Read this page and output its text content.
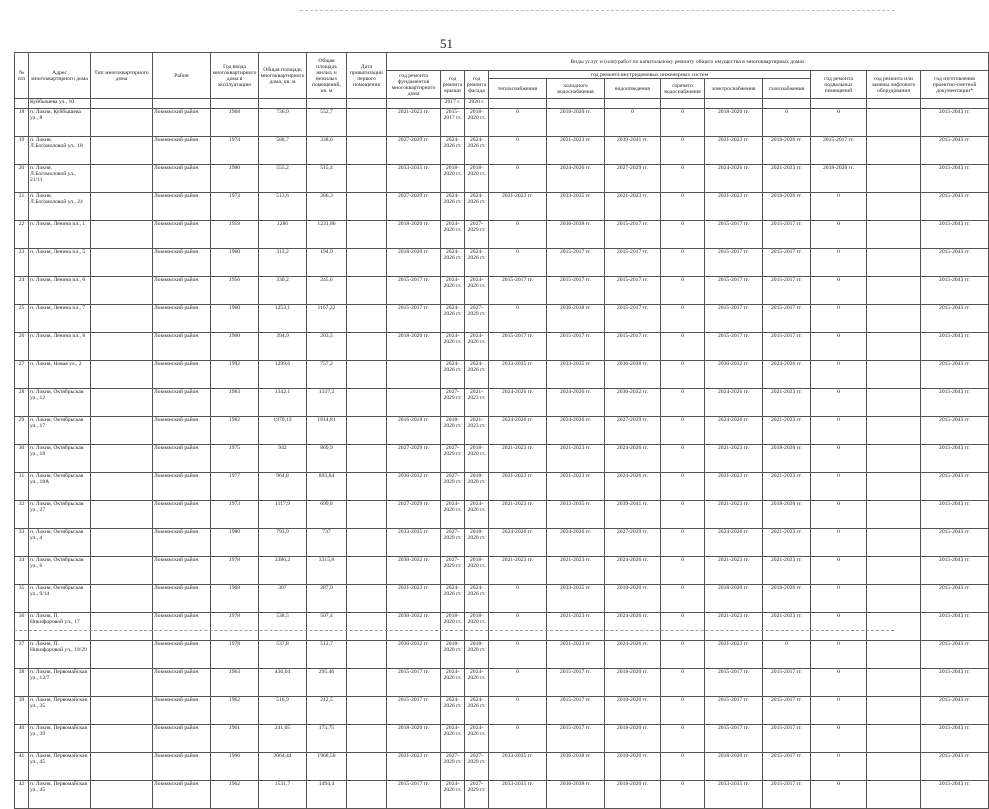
51
№ п/п	Адрес многоквартирного дома	Тип многоквартирного дома	Район	Год ввода многоквартирного дома в эксплуатацию	Общая площадь многоквартирного дома, кв. м	Общая площадь жилых и нежилых помещений, кв. м	Дата приватизации первого помещения	Виды услуг и (или) работ по капитальному ремонту общего имущества в многоквартирных домах											
								год ремонта фундаментов многоквартирного дома	год ремонта крыши	год ремонта фасада	год ремонта внутридомовых инженерных систем						год ремонта подвальных помещений	год ремонта или замены лифтового оборудования	год изготовления проектно-сметной документации*
											теплоснабжения	холодного водоснабжения	водоотведения	горячего водоснабжения	электроснабжения	газоснабжения			
	Куйбышева ул., 10								2017 г.	2020 г.									
18	п. Локня, Куйбышева ул., 8		Локнянский район	1968	736,9	552,7		2021-2023 гг.	2015-2017 гг.	2018-2020 гг.	0	2018-2020 гг.	0	0	2018-2020 гг.	0	0		2015-2043 гг.
19	п. Локня, Л.Богомоловой ул., 18		Локнянский район	1974	588,7	338,6		2027-2029 гг.	2024-2026 гг.	2024-2026 гг.	0	2021-2023 гг.	2039-2041 гг.	0	2021-2023 гг.	2018-2020 гг.	2015-2017 гг.		2015-2043 гг.
20	п. Локня, Л.Богомоловой ул., 21/11		Локнянский район	1980	555,2	515,4		2033-2035 гг.	2018-2020 гг.	2018-2020 гг.	0	2024-2026 гг.	2027-2029 гг.	0	2024-2026 гг.	2021-2023 гг.	2018-2020 гг.		2015-2043 гг.
21	п. Локня, Л.Богомоловой ул., 24		Локнянский район	1973	513,6	286,3		2027-2029 гг.	2024-2026 гг.	2024-2026 гг.	2021-2023 гг.	2033-2035 гг.	2021-2023 гг.	0	2021-2023 гг.	2018-2020 гг.	0		2015-2043 гг.
22	п. Локня, Ленина пл., 1		Локнянский район	1959	1286	1231,86		2018-2020 гг.	2024-2026 гг.	2027-2029 гг.	0	2036-2038 гг.	2015-2017 гг.	0	2015-2017 гг.	2015-2017 гг.	0		2015-2043 гг.
23	п. Локня, Ленина пл., 5		Локнянский район	1960	313,2	194,9		2018-2020 гг.	2024-2026 гг.	2024-2026 гг.	0	2015-2017 гг.	2015-2017 гг.	0	2015-2017 гг.	2015-2017 гг.	0		2015-2043 гг.
24	п. Локня, Ленина пл., 6		Локнянский район	1956	330,2	245,6		2015-2017 гг.	2024-2026 гг.	2024-2026 гг.	2015-2017 гг.	2015-2017 гг.	2015-2017 гг.	0	2015-2017 гг.	2015-2017 гг.	0		2015-2043 гг.
25	п. Локня, Ленина пл., 7		Локнянский район	1960	1253,1	1167,22		2015-2017 гг.	2024-2026 гг.	2027-2029 гг.	0	2036-2038 гг.	2015-2017 гг.	0	2015-2017 гг.	2015-2017 гг.	0		2015-2043 гг.
26	п. Локня, Ленина пл., 8		Локнянский район	1960	394,9	203,5		2018-2020 гг.	2024-2026 гг.	2024-2026 гг.	2015-2017 гг.	2015-2017 гг.	2015-2017 гг.	0	2015-2017 гг.	2015-2017 гг.	0		2015-2043 гг.
27	п. Локня, Новая ул., 2		Локнянский район	1992	1299,6	757,2			2024-2026 гг.	2024-2026 гг.	2033-2035 гг.	2033-2035 гг.	2036-2038 гг.	0	2030-2032 гг.	2024-2026 гг.	0		2015-2043 гг.
28	п. Локня, Октябрьская ул., 12		Локнянский район	1983	1342,1	1337,2			2027-2029 гг.	2021-2023 гг.	2024-2026 гг.	2024-2026 гг.	2030-2032 гг.	0	2024-2026 гг.	2021-2023 гг.	0		2015-2043 гг.
29	п. Локня, Октябрьская ул., 17		Локнянский район	1982	1970,13	1814,81		2016-2018 гг.	2018-2020 гг.	2021-2023 гг.	2024-2026 гг.	2024-2026 гг.	2027-2029 гг.	0	2024-2026 гг.	2021-2023 гг.	0		2015-2043 гг.
30	п. Локня, Октябрьская ул., 18		Локнянский район	1975	942	869,9		2027-2029 гг.	2027-2029 гг.	2018-2020 гг.	2021-2023 гг.	2021-2023 гг.	2024-2026 гг.	0	2021-2023 гг.	2018-2020 гг.	0		2015-2043 гг.
31	п. Локня, Октябрьская ул., 18А		Локнянский район	1977	964,8	893,84		2030-2032 гг.	2027-2029 гг.	2018-2020 гг.	2021-2023 гг.	2021-2023 гг.	2024-2026 гг.	0	2021-2023 гг.	2021-2023 гг.	0		2015-2043 гг.
32	п. Локня, Октябрьская ул., 27		Локнянский район	1973	1117,9	699,8		2027-2029 гг.	2024-2026 гг.	2024-2026 гг.	2021-2023 гг.	2033-2035 гг.	2039-2041 гг.	0	2021-2023 гг.	2018-2020 гг.	0		2015-2043 гг.
33	п. Локня, Октябрьская ул., 4		Локнянский район	1980	793,9	737		2033-2035 гг.	2027-2029 гг.	2018-2020 гг.	2024-2026 гг.	2024-2026 гг.	2027-2029 гг.	0	2024-2026 гг.	2021-2023 гг.	0		2015-2043 гг.
34	п. Локня, Октябрьская ул., 6		Локнянский район	1978	3386,2	3315,8		2030-2032 гг.	2027-2029 гг.	2018-2020 гг.	2021-2023 гг.	2021-2023 гг.	2024-2026 гг.	0	2021-2023 гг.	2021-2023 гг.	0		2015-2043 гг.
35	п. Локня, Октябрьская ул., 9/14		Локнянский район	1968	307	287,9		2021-2023 гг.	2024-2026 гг.	2024-2026 гг.	0	2033-2035 гг.	2018-2020 гг.	0	2018-2020 гг.	2018-2020 гг.	0		2015-2043 гг.
36	п. Локня, П. Никифоровой ул., 17		Локнянский район	1978	538,5	507,4		2030-2032 гг.	2018-2020 гг.	2018-2020 гг.	0	2021-2023 гг.	2024-2026 гг.	0	2021-2023 гг.	2021-2023 гг.	0		2015-2043 гг.
37	п. Локня, П. Никифоровой ул., 19/29		Локнянский район	1978	537,8	512,7		2030-2032 гг.	2018-2020 гг.	2018-2020 гг.	0	2021-2023 гг.	2024-2026 гг.	0	2021-2023 гг.	0	0		2015-2043 гг.
38	п. Локня, Первомайская ул., 13/7		Локнянский район	1963	436,04	295,46		2015-2017 гг.	2024-2026 гг.	2024-2026 гг.	0	2015-2017 гг.	2018-2020 гг.	0	2015-2017 гг.	2015-2017 гг.	0		2015-2043 гг.
39	п. Локня, Первомайская ул., 35		Локнянский район	1962	516,9	212,5		2015-2017 гг.	2024-2026 гг.	2024-2026 гг.	0	2015-2017 гг.	2018-2020 гг.	0	2015-2017 гг.	2015-2017 гг.	0		2015-2043 гг.
40	п. Локня, Первомайская ул., 39		Локнянский район	1961	241,05	173,75		2018-2020 гг.	2024-2026 гг.	2024-2026 гг.	0	2015-2017 гг.	2018-2020 гг.	0	2015-2017 гг.	2015-2017 гг.	0		2015-2043 гг.
41	п. Локня, Первомайская ул., 45		Локнянский район	1966	2064,44	1968,56		2021-2023 гг.	2027-2029 гг.	2027-2029 гг.	2033-2035 гг.	2036-2038 гг.	2018-2020 гг.	0	2018-2020 гг.	2015-2017 гг.	0		2015-2043 гг.
42	п. Локня, Первомайская ул., 45		Локнянский район	1962	1531,7	1494,4		2015-2017 гг.	2024-2026 гг.	2027-2029 гг.	2033-2035 гг.	2036-2038 гг.	2018-2020 гг.	0	2033-2035 гг.	2015-2017 гг.	0		2015-2043 гг.
